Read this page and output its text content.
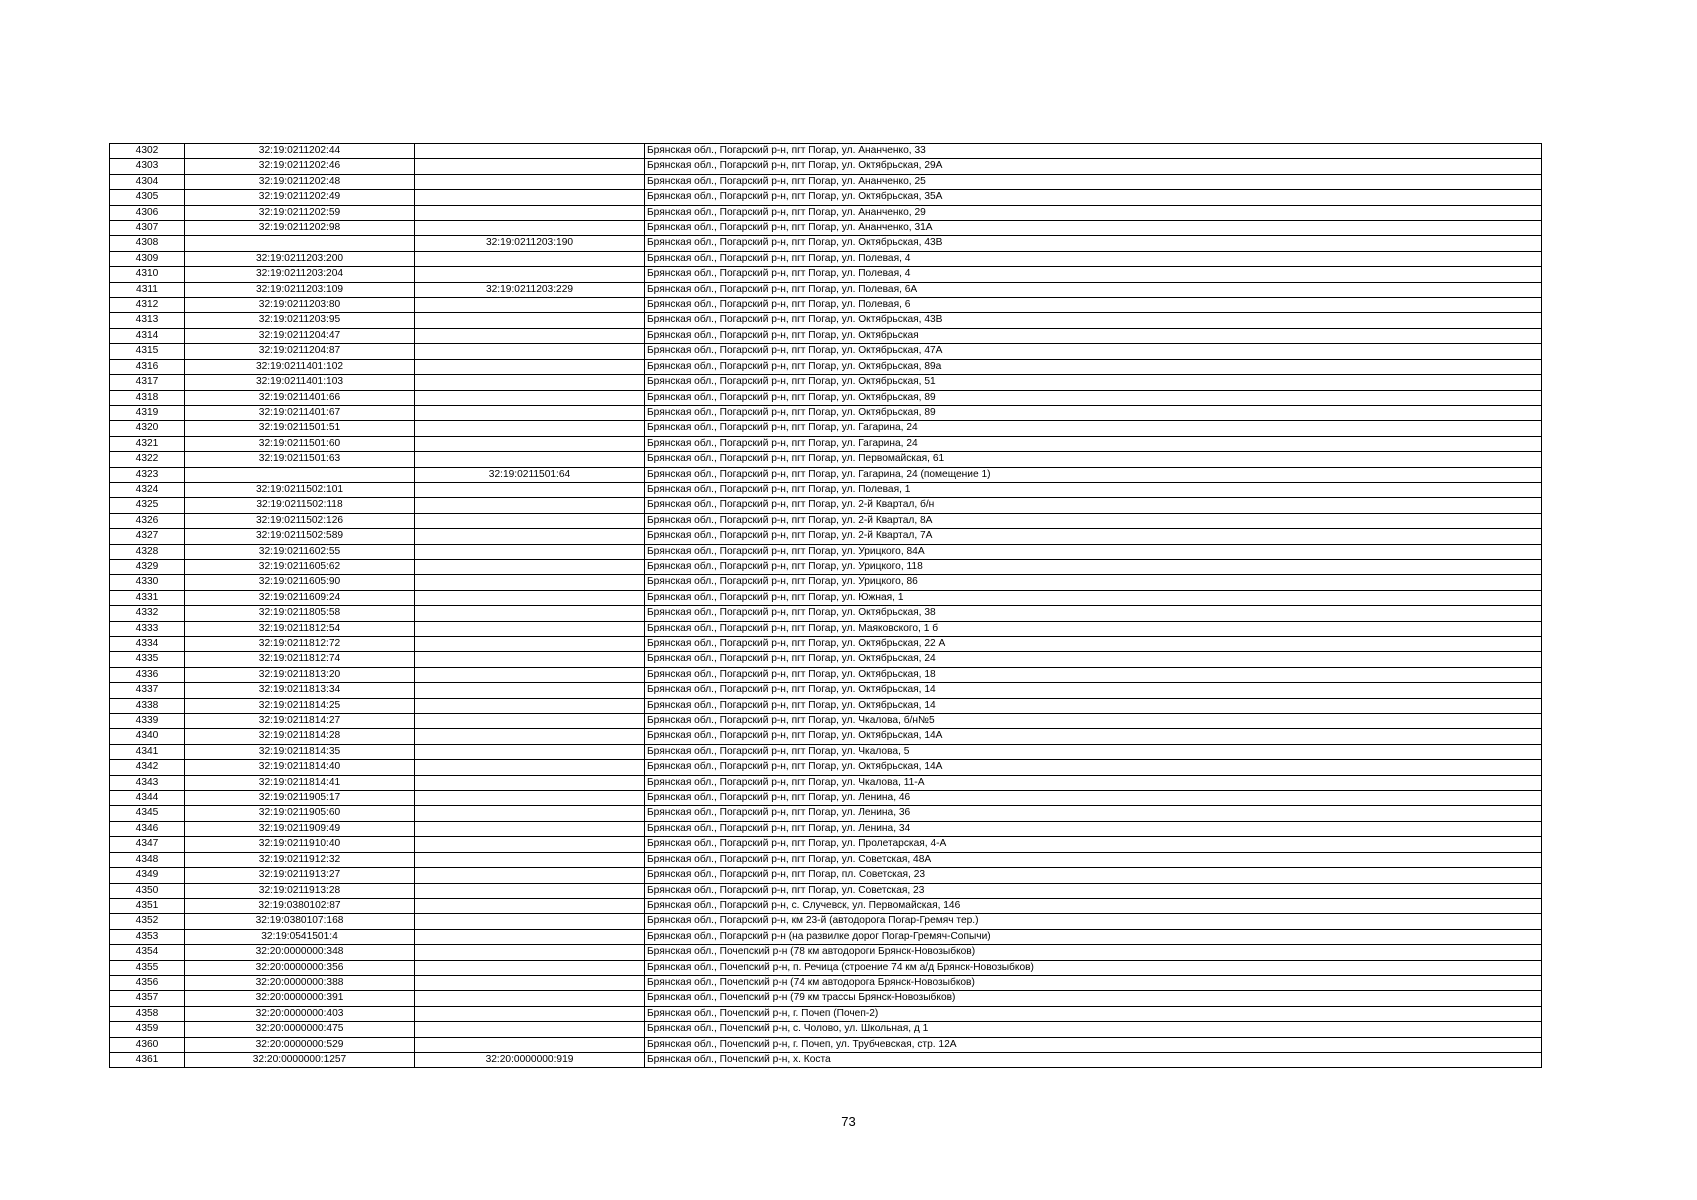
4302	32:19:0211202:44		Брянская обл., Погарский р-н, пгт Погар, ул. Ананченко, 33
4303	32:19:0211202:46		Брянская обл., Погарский р-н, пгт Погар, ул. Октябрьская, 29А
4304	32:19:0211202:48		Брянская обл., Погарский р-н, пгт Погар, ул. Ананченко, 25
4305	32:19:0211202:49		Брянская обл., Погарский р-н, пгт Погар, ул. Октябрьская, 35А
4306	32:19:0211202:59		Брянская обл., Погарский р-н, пгт Погар, ул. Ананченко, 29
4307	32:19:0211202:98		Брянская обл., Погарский р-н, пгт Погар, ул. Ананченко, 31А
4308		32:19:0211203:190	Брянская обл., Погарский р-н, пгт Погар, ул. Октябрьская, 43В
4309	32:19:0211203:200		Брянская обл., Погарский р-н, пгт Погар, ул. Полевая, 4
4310	32:19:0211203:204		Брянская обл., Погарский р-н, пгт Погар, ул. Полевая, 4
4311	32:19:0211203:109	32:19:0211203:229	Брянская обл., Погарский р-н, пгт Погар, ул. Полевая, 6А
4312	32:19:0211203:80		Брянская обл., Погарский р-н, пгт Погар, ул. Полевая, 6
4313	32:19:0211203:95		Брянская обл., Погарский р-н, пгт Погар, ул. Октябрьская, 43В
4314	32:19:0211204:47		Брянская обл., Погарский р-н, пгт Погар, ул. Октябрьская
4315	32:19:0211204:87		Брянская обл., Погарский р-н, пгт Погар, ул. Октябрьская, 47А
4316	32:19:0211401:102		Брянская обл., Погарский р-н, пгт Погар, ул. Октябрьская, 89а
4317	32:19:0211401:103		Брянская обл., Погарский р-н, пгт Погар, ул. Октябрьская, 51
4318	32:19:0211401:66		Брянская обл., Погарский р-н, пгт Погар, ул. Октябрьская, 89
4319	32:19:0211401:67		Брянская обл., Погарский р-н, пгт Погар, ул. Октябрьская, 89
4320	32:19:0211501:51		Брянская обл., Погарский р-н, пгт Погар, ул. Гагарина, 24
4321	32:19:0211501:60		Брянская обл., Погарский р-н, пгт Погар, ул. Гагарина, 24
4322	32:19:0211501:63		Брянская обл., Погарский р-н, пгт Погар, ул. Первомайская, 61
4323		32:19:0211501:64	Брянская обл., Погарский р-н, пгт Погар, ул. Гагарина, 24 (помещение 1)
4324	32:19:0211502:101		Брянская обл., Погарский р-н, пгт Погар, ул. Полевая, 1
4325	32:19:0211502:118		Брянская обл., Погарский р-н, пгт Погар, ул. 2-й Квартал, б/н
4326	32:19:0211502:126		Брянская обл., Погарский р-н, пгт Погар, ул. 2-й Квартал, 8А
4327	32:19:0211502:589		Брянская обл., Погарский р-н, пгт Погар, ул. 2-й Квартал, 7А
4328	32:19:0211602:55		Брянская обл., Погарский р-н, пгт Погар, ул. Урицкого, 84А
4329	32:19:0211605:62		Брянская обл., Погарский р-н, пгт Погар, ул. Урицкого, 118
4330	32:19:0211605:90		Брянская обл., Погарский р-н, пгт Погар, ул. Урицкого, 86
4331	32:19:0211609:24		Брянская обл., Погарский р-н, пгт Погар, ул. Южная, 1
4332	32:19:0211805:58		Брянская обл., Погарский р-н, пгт Погар, ул. Октябрьская, 38
4333	32:19:0211812:54		Брянская обл., Погарский р-н, пгт Погар, ул. Маяковского, 1 б
4334	32:19:0211812:72		Брянская обл., Погарский р-н, пгт Погар, ул. Октябрьская, 22 А
4335	32:19:0211812:74		Брянская обл., Погарский р-н, пгт Погар, ул. Октябрьская, 24
4336	32:19:0211813:20		Брянская обл., Погарский р-н, пгт Погар, ул. Октябрьская, 18
4337	32:19:0211813:34		Брянская обл., Погарский р-н, пгт Погар, ул. Октябрьская, 14
4338	32:19:0211814:25		Брянская обл., Погарский р-н, пгт Погар, ул. Октябрьская, 14
4339	32:19:0211814:27		Брянская обл., Погарский р-н, пгт Погар, ул. Чкалова, б/н№5
4340	32:19:0211814:28		Брянская обл., Погарский р-н, пгт Погар, ул. Октябрьская, 14А
4341	32:19:0211814:35		Брянская обл., Погарский р-н, пгт Погар, ул. Чкалова, 5
4342	32:19:0211814:40		Брянская обл., Погарский р-н, пгт Погар, ул. Октябрьская, 14А
4343	32:19:0211814:41		Брянская обл., Погарский р-н, пгт Погар, ул. Чкалова, 11-А
4344	32:19:0211905:17		Брянская обл., Погарский р-н, пгт Погар, ул. Ленина, 46
4345	32:19:0211905:60		Брянская обл., Погарский р-н, пгт Погар, ул. Ленина, 36
4346	32:19:0211909:49		Брянская обл., Погарский р-н, пгт Погар, ул. Ленина, 34
4347	32:19:0211910:40		Брянская обл., Погарский р-н, пгт Погар, ул. Пролетарская, 4-А
4348	32:19:0211912:32		Брянская обл., Погарский р-н, пгт Погар, ул. Советская, 48А
4349	32:19:0211913:27		Брянская обл., Погарский р-н, пгт Погар, пл. Советская, 23
4350	32:19:0211913:28		Брянская обл., Погарский р-н, пгт Погар, ул. Советская, 23
4351	32:19:0380102:87		Брянская обл., Погарский р-н, с. Случевск, ул. Первомайская, 146
4352	32:19:0380107:168		Брянская обл., Погарский р-н, км 23-й (автодорога Погар-Гремяч тер.)
4353	32:19:0541501:4		Брянская обл., Погарский р-н (на развилке дорог Погар-Гремяч-Сопычи)
4354	32:20:0000000:348		Брянская обл., Почепский р-н (78 км автодороги Брянск-Новозыбков)
4355	32:20:0000000:356		Брянская обл., Почепский р-н, п. Речица (строение 74 км а/д Брянск-Новозыбков)
4356	32:20:0000000:388		Брянская обл., Почепский р-н (74 км автодорога Брянск-Новозыбков)
4357	32:20:0000000:391		Брянская обл., Почепский р-н (79 км трассы Брянск-Новозыбков)
4358	32:20:0000000:403		Брянская обл., Почепский р-н, г. Почеп (Почеп-2)
4359	32:20:0000000:475		Брянская обл., Почепский р-н, с. Чолово, ул. Школьная, д 1
4360	32:20:0000000:529		Брянская обл., Почепский р-н, г. Почеп, ул. Трубчевская, стр. 12А
4361	32:20:0000000:1257	32:20:0000000:919	Брянская обл., Почепский р-н, х. Коста
73
